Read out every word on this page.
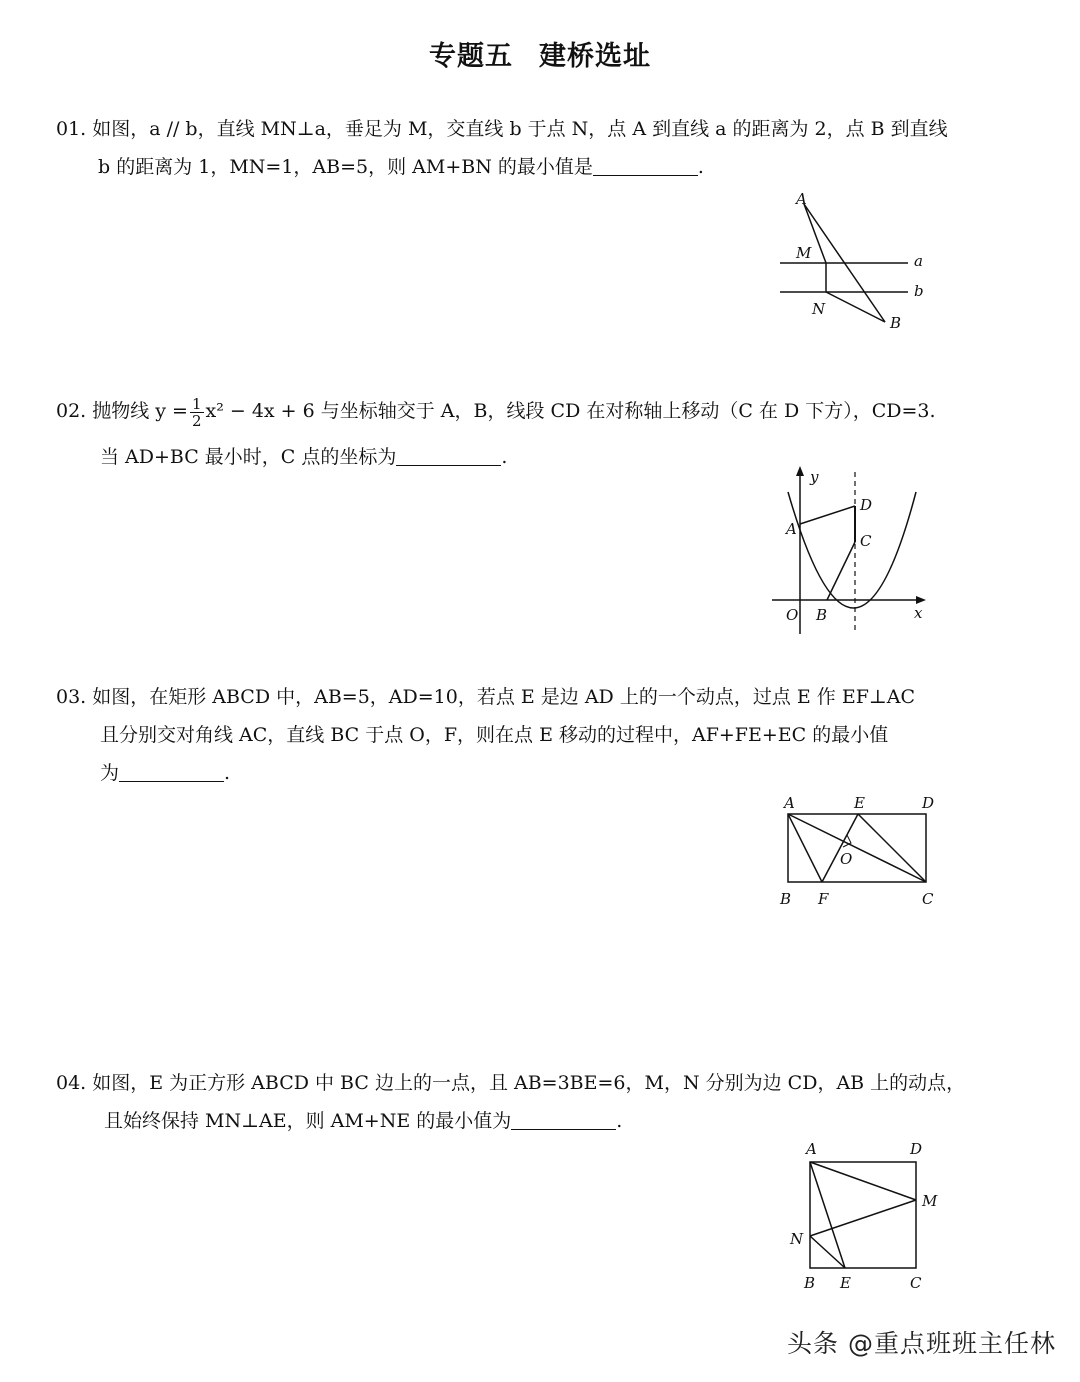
专题五 建桥选址
01. 如图，a // b，直线 MN⊥a，垂足为 M，交直线 b 于点 N，点 A 到直线 a 的距离为 2，点 B 到直线
b 的距离为 1，MN=1，AB=5，则 AM+BN 的最小值是	.
A
M
N
B
a
b
02. 抛物线 $y = \frac{1}{2} x^2 - 4x + 6$ 与坐标轴交于 A，B，线段 CD 在对称轴上移动（C 在 D 下方），CD=3.
当 AD+BC 最小时，C 点的坐标为	.
y
A
D
C
O B	x
03. 如图，在矩形 ABCD 中，AB=5，AD=10，若点 E 是边 AD 上的一个动点，过点 E 作 EF⊥AC
且分别交对角线 AC，直线 BC 于点 O，F，则在点 E 移动的过程中，AF+FE+EC 的最小值
为	.
A	E	D
O
B F	C
04. 如图，E 为正方形 ABCD 中 BC 边上的一点，且 AB=3BE=6，M，N 分别为边 CD，AB 上的动点，
且始终保持 MN⊥AE，则 AM+NE 的最小值为	.
A	D
M
N
B E	C
头条 @重点班班主任林
